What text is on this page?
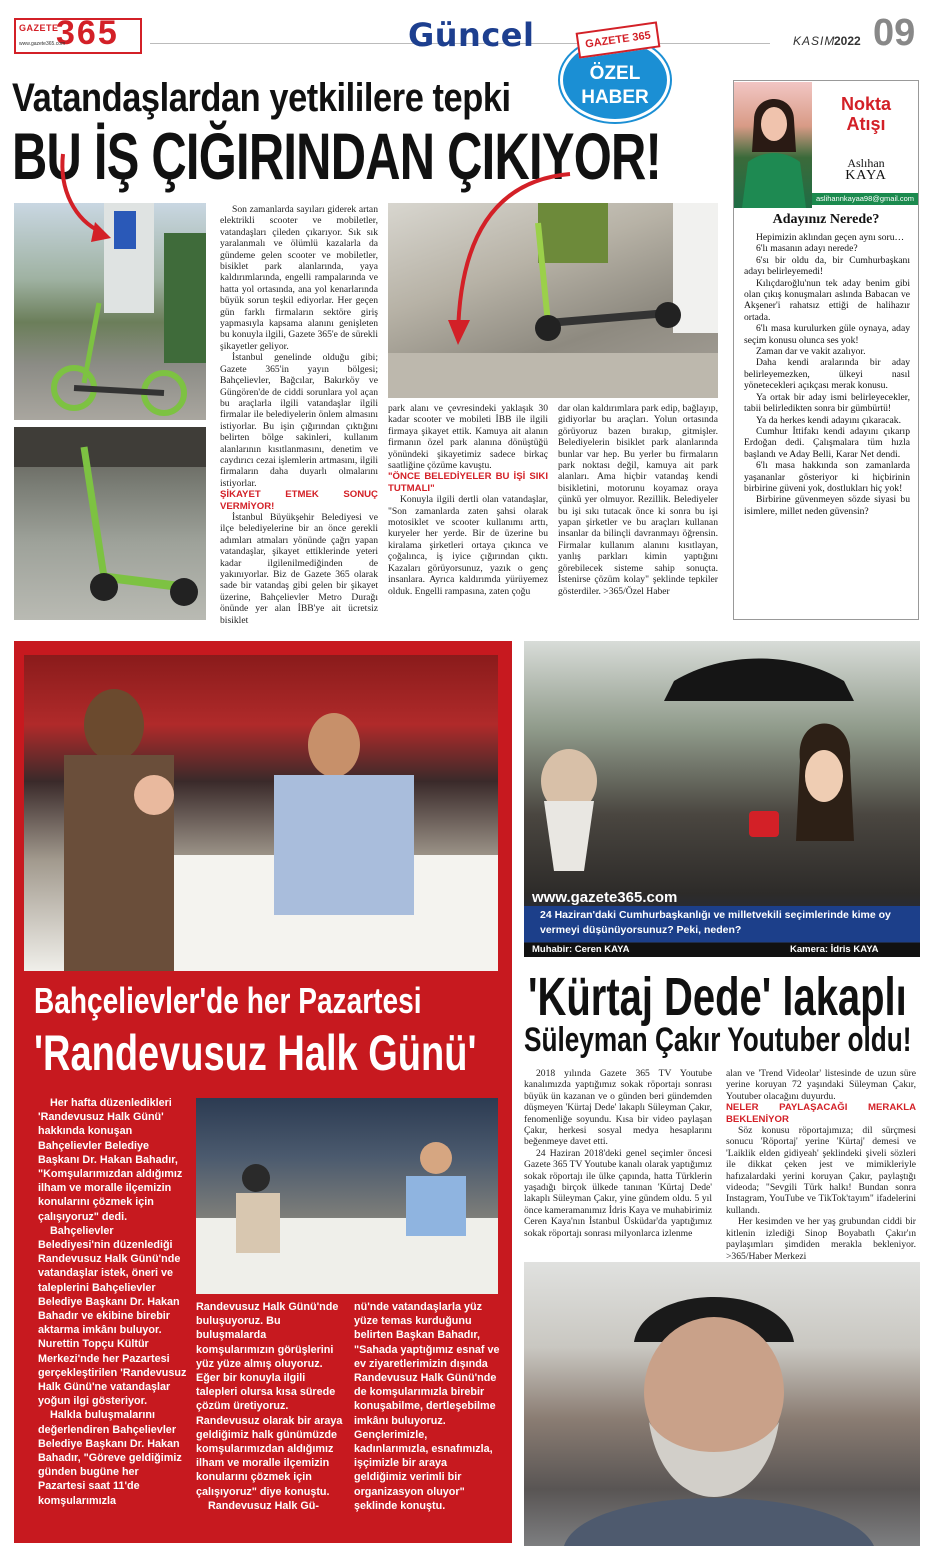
GAZETE
365
www.gazete365.com	Güncel	KASIM
2022 09
GAZETE 365
ÖZEL
HABER
Vatandaşlardan yetkililere tepki
BU İŞ ÇIĞIRINDAN ÇIKIYOR!

Son zamanlarda sayıları giderek artan elektrikli scooter ve mobiletler, vatandaşları çileden çıkarıyor. Sık sık yaralanmalı ve ölümlü kazalarla da gündeme gelen scooter ve mobiletler, bisiklet park alanlarında, yaya kaldırımlarında, engelli rampalarında ve hatta yol ortasında, ana yol kenarlarında büyük sorun teşkil ediyorlar. Her geçen gün farklı firmaların sektöre giriş yapmasıyla kapsama alanını genişleten bu konuyla ilgili, Gazete 365'e de sürekli şikayetler geliyor.

İstanbul genelinde olduğu gibi; Gazete 365'in yayın bölgesi; Bahçelievler, Bağcılar, Bakırköy ve Güngören'de de ciddi sorunlara yol açan bu araçlarla ilgili vatandaşlar ilgili firmalar ile belediyelerin önlem almasını istiyorlar. Bu işin çığırından çıktığını belirten bölge sakinleri, kullanım alanlarının kısıtlanmasını, denetim ve caydırıcı cezai işlemlerin artmasını, ilgili firmaların daha duyarlı olmalarını istiyorlar.

ŞİKAYET ETMEK SONUÇ VERMİYOR!

İstanbul Büyükşehir Belediyesi ve ilçe belediyelerine bir an önce gerekli adımları atmaları yönünde çağrı yapan vatandaşlar, şikayet ettiklerinde yeteri kadar ilgilenilmediğinden de yakınıyorlar. Biz de Gazete 365 olarak sade bir vatandaş gibi gelen bir şikayet üzerine, Bahçelievler Metro Durağı önünde yer alan İBB'ye ait ücretsiz bisiklet

park alanı ve çevresindeki yaklaşık 30 kadar scooter ve mobileti İBB ile ilgili firmaya şikayet ettik. Kamuya ait alanın firmanın özel park alanına dönüştüğü yönündeki şikayetimiz sadece birkaç saatliğine çözüme kavuştu.

"ÖNCE BELEDİYELER BU İŞİ SIKI TUTMALI"

Konuyla ilgili dertli olan vatandaşlar, "Son zamanlarda zaten şahsi olarak motosiklet ve scooter kullanımı arttı, kuryeler her yerde. Bir de üzerine bu kiralama şirketleri ortaya çıkınca ve çoğalınca, iş iyice çığırından çıktı. Kazaları görüyorsunuz, yazık o genç insanlara. Ayrıca kaldırımda yürüyemez olduk. Engelli rampasına, zaten çoğu

dar olan kaldırımlara park edip, bağlayıp, gidiyorlar bu araçları. Yolun ortasında görüyoruz bazen bırakıp, gitmişler. Belediyelerin bisiklet park alanlarında bunlar var hep. Bu yerler bu firmaların park noktası değil, kamuya ait park alanları. Ama hiçbir vatandaş kendi bisikletini, motorunu koyamaz oraya çünkü yer olmuyor. Rezillik. Belediyeler bu işi sıkı tutacak önce ki sonra bu işi yapan şirketler ve bu araçları kullanan insanlar da bilinçli davranmayı öğrensin. Firmalar kullanım alanını kısıtlayan, yanlış parkları kimin yaptığını görebilecek sisteme sahip sonuçta. İstenirse çözüm kolay" şeklinde tepkiler gösterdiler. >365/Özel Haber

Nokta
Atışı
Aslıhan
KAYA
aslihannkayaa98@gmail.com
Adayınız Nerede?

Hepimizin aklından geçen aynı soru…

6'lı masanın adayı nerede?

6'sı bir oldu da, bir Cumhurbaşkanı adayı belirleyemedi!

Kılıçdaroğlu'nun tek aday benim gibi olan çıkış konuşmaları aslında Babacan ve Akşener'i rahatsız ettiği de halihazır ortada.

6'lı masa kurulurken güle oynaya, aday seçim konusu olunca ses yok!

Zaman dar ve vakit azalıyor.

Daha kendi aralarında bir aday belirleyemezken, ülkeyi nasıl yönetecekleri açıkçası merak konusu.

Ya ortak bir aday ismi belirleyecekler, tabii belirledikten sonra bir gümbürtü!

Ya da herkes kendi adayını çıkaracak.

Cumhur İttifakı kendi adayını çıkarıp Erdoğan dedi. Çalışmalara tüm hızla başlandı ve Aday Belli, Karar Net dendi.

6'lı masa hakkında son zamanlarda yaşananlar gösteriyor ki hiçbirinin birbirine güveni yok, dostlukları hiç yok!

Birbirine güvenmeyen sözde siyasi bu isimlere, millet neden güvensin?

Bahçelievler'de her Pazartesi
'Randevusuz Halk Günü'

Her hafta düzenledikleri 'Randevusuz Halk Günü' hakkında konuşan Bahçelievler Belediye Başkanı Dr. Hakan Bahadır, "Komşularımızdan aldığımız ilham ve moralle ilçemizin konularını çözmek için çalışıyoruz" dedi.

Bahçelievler Belediyesi'nin düzenlediği Randevusuz Halk Günü'nde vatandaşlar istek, öneri ve taleplerini Bahçelievler Belediye Başkanı Dr. Hakan Bahadır ve ekibine birebir aktarma imkânı buluyor. Nurettin Topçu Kültür Merkezi'nde her Pazartesi gerçekleştirilen 'Randevusuz Halk Günü'ne vatandaşlar yoğun ilgi gösteriyor.

Halkla buluşmalarını değerlendiren Bahçelievler Belediye Başkanı Dr. Hakan Bahadır, "Göreve geldiğimiz günden bugüne her Pazartesi saat 11'de komşularımızla

Randevusuz Halk Günü'nde buluşuyoruz. Bu buluşmalarda komşularımızın görüşlerini yüz yüze almış oluyoruz. Eğer bir konuyla ilgili talepleri olursa kısa sürede çözüm üretiyoruz. Randevusuz olarak bir araya geldiğimiz halk günümüzde komşularımızdan aldığımız ilham ve moralle ilçemizin konularını çözmek için çalışıyoruz" diye konuştu.

Randevusuz Halk Gü-

nü'nde vatandaşlarla yüz yüze temas kurduğunu belirten Başkan Bahadır, "Sahada yaptığımız esnaf ve ev ziyaretlerimizin dışında Randevusuz Halk Günü'nde de komşularımızla birebir konuşabilme, dertleşebilme imkânı buluyoruz. Gençlerimizle, kadınlarımızla, esnafımızla, işçimizle bir araya geldiğimiz verimli bir organizasyon oluyor" şeklinde konuştu.

www.gazete365.com
24 Haziran'daki Cumhurbaşkanlığı ve milletvekili seçimlerinde kime oy vermeyi düşünüyorsunuz? Peki, neden?
Muhabir: Ceren KAYA	Kamera: İdris KAYA
'Kürtaj Dede' lakaplı
Süleyman Çakır Youtuber oldu!

2018 yılında Gazete 365 TV Youtube kanalımızda yaptığımız sokak röportajı sonrası büyük ün kazanan ve o günden beri gündemden düşmeyen 'Kürtaj Dede' lakaplı Süleyman Çakır, fenomenliğe soyundu. Kısa bir video paylaşan Çakır, herkesi sosyal medya hesaplarını beğenmeye davet etti.

24 Haziran 2018'deki genel seçimler öncesi Gazete 365 TV Youtube kanalı olarak yaptığımız sokak röportajı ile ülke çapında, hatta Türklerin yaşadığı birçok ülkede tanınan 'Kürtaj Dede' lakaplı Süleyman Çakır, yine gündem oldu. 5 yıl önce kameramanımız İdris Kaya ve muhabirimiz Ceren Kaya'nın İstanbul Üsküdar'da yaptığımız sokak röportajı sonrası milyonlarca izlenme

alan ve 'Trend Videolar' listesinde de uzun süre yerine koruyan 72 yaşındaki Süleyman Çakır, Youtuber olacağını duyurdu.

NELER PAYLAŞACAĞI MERAKLA BEKLENİYOR

Söz konusu röportajımıza; dil sürçmesi sonucu 'Röportaj' yerine 'Kürtaj' demesi ve 'Laiklik elden gidiyeah' şeklindeki şiveli sözleri ile dikkat çeken jest ve mimikleriyle hafızalardaki yerini koruyan Çakır, paylaştığı videoda; "Sevgili Türk halkı! Bundan sonra Instagram, YouTube ve TikTok'tayım" ifadelerini kullandı.

Her kesimden ve her yaş grubundan ciddi bir kitlenin izlediği Sinop Boyabatlı Çakır'ın paylaşımları şimdiden merakla bekleniyor. >365/Haber Merkezi
